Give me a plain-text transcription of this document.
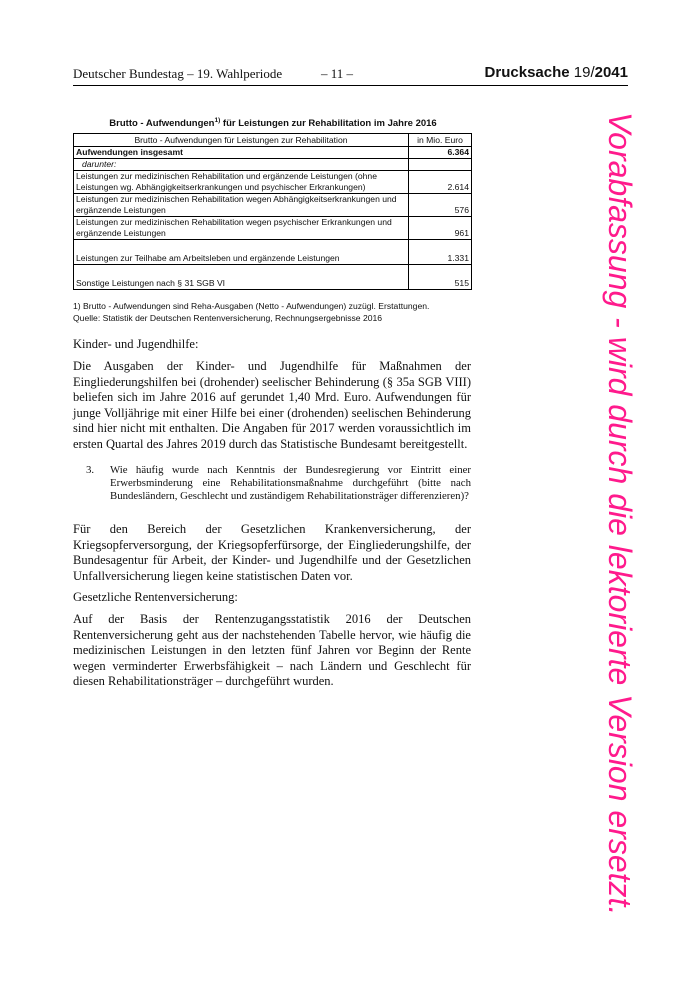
Deutscher Bundestag – 19. Wahlperiode	– 11 –	Drucksache 19/2041
Brutto - Aufwendungen$^{1)}$ für Leistungen zur Rehabilitation im Jahre 2016
Brutto - Aufwendungen für Leistungen zur Rehabilitation	in Mio. Euro
Aufwendungen insgesamt	6.364
darunter:	
Leistungen zur medizinischen Rehabilitation und ergänzende Leistungen (ohne Leistungen wg. Abhängigkeitserkrankungen und psychischer Erkrankungen)	2.614
Leistungen zur medizinischen Rehabilitation wegen Abhängigkeitserkrankungen und ergänzende Leistungen	576
Leistungen zur medizinischen Rehabilitation wegen psychischer Erkrankungen und ergänzende Leistungen	961
Leistungen zur Teilhabe am Arbeitsleben und ergänzende Leistungen	1.331
Sonstige Leistungen nach § 31 SGB VI	515
1) Brutto - Aufwendungen sind Reha-Ausgaben (Netto - Aufwendungen) zuzügl. Erstattungen.
Quelle: Statistik der Deutschen Rentenversicherung, Rechnungsergebnisse 2016
Kinder- und Jugendhilfe:
Die Ausgaben der Kinder- und Jugendhilfe für Maßnahmen der Eingliederungshilfen bei (drohender) seelischer Behinderung (§ 35a SGB VIII) beliefen sich im Jahre 2016 auf gerundet 1,40 Mrd. Euro. Aufwendungen für junge Volljährige mit einer Hilfe bei einer (drohenden) seelischen Behinderung sind hier nicht mit enthalten. Die Angaben für 2017 werden voraussichtlich im ersten Quartal des Jahres 2019 durch das Statistische Bundesamt bereitgestellt.
3. Wie häufig wurde nach Kenntnis der Bundesregierung vor Eintritt einer Erwerbsminderung eine Rehabilitationsmaßnahme durchgeführt (bitte nach Bundesländern, Geschlecht und zuständigem Rehabilitationsträger differenzieren)?
Für den Bereich der Gesetzlichen Krankenversicherung, der Kriegsopferversorgung, der Kriegsopferfürsorge, der Eingliederungshilfe, der Bundesagentur für Arbeit, der Kinder- und Jugendhilfe und der Gesetzlichen Unfallversicherung liegen keine statistischen Daten vor.
Gesetzliche Rentenversicherung:
Auf der Basis der Rentenzugangsstatistik 2016 der Deutschen Rentenversicherung geht aus der nachstehenden Tabelle hervor, wie häufig die medizinischen Leistungen in den letzten fünf Jahren vor Beginn der Rente wegen verminderter Erwerbsfähigkeit – nach Ländern und Geschlecht für diesen Rehabilitationsträger – durchgeführt wurden.	Vorabfassung - wird durch die lektorierte Version ersetzt.
